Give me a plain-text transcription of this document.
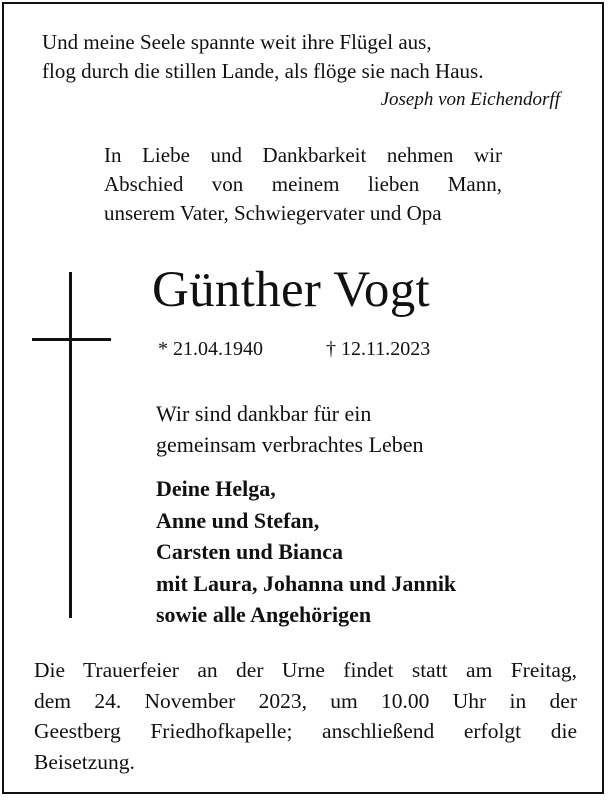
Und meine Seele spannte weit ihre Flügel aus,
flog durch die stillen Lande, als flöge sie nach Haus.
Joseph von Eichendorff
In Liebe und Dankbarkeit nehmen wir
Abschied von meinem lieben Mann,
unserem Vater, Schwiegervater und Opa
Günther Vogt
* 21.04.1940	† 12.11.2023
Wir sind dankbar für ein
gemeinsam verbrachtes Leben
Deine Helga,
Anne und Stefan,
Carsten und Bianca
mit Laura, Johanna und Jannik
sowie alle Angehörigen
Die Trauerfeier an der Urne findet statt am Freitag,
dem 24. November 2023, um 10.00 Uhr in der
Geestberg Friedhofkapelle; anschließend erfolgt die
Beisetzung.
